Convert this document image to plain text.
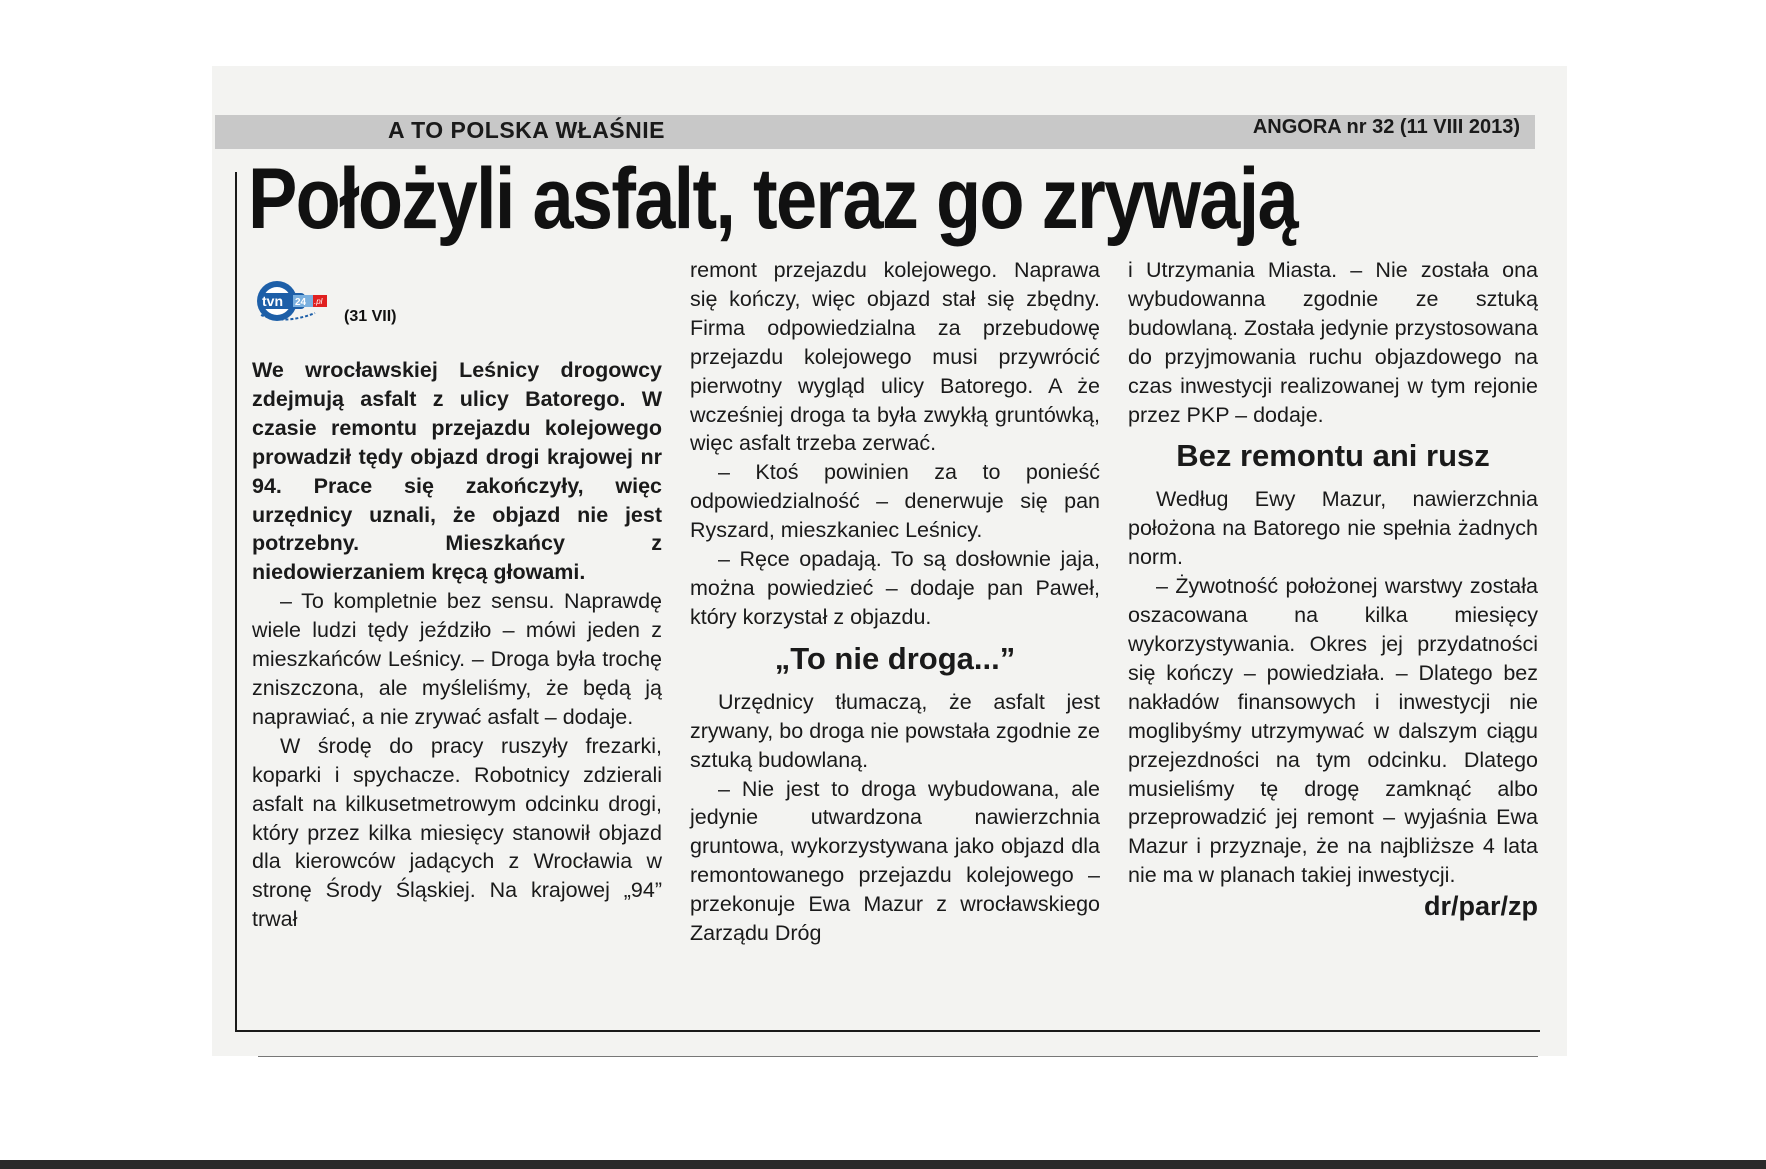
A TO POLSKA WŁAŚNIE	ANGORA nr 32 (11 VIII 2013)
Położyli asfalt, teraz go zrywają
tvn 24 .pl
(31 VII)

We wrocławskiej Leśnicy drogowcy zdejmują asfalt z ulicy Batorego. W czasie remontu przejazdu kolejowego prowadził tędy objazd drogi krajowej nr 94. Prace się zakończyły, więc urzędnicy uznali, że objazd nie jest potrzebny. Mieszkańcy z niedowierzaniem kręcą głowami.

– To kompletnie bez sensu. Naprawdę wiele ludzi tędy jeździło – mówi jeden z mieszkańców Leśnicy. – Droga była trochę zniszczona, ale myśleliśmy, że będą ją naprawiać, a nie zrywać asfalt – dodaje.

W środę do pracy ruszyły frezarki, koparki i spychacze. Robotnicy zdzierali asfalt na kilkusetmetrowym odcinku drogi, który przez kilka miesięcy stanowił objazd dla kierowców jadących z Wrocławia w stronę Środy Śląskiej. Na krajowej „94” trwał

remont przejazdu kolejowego. Naprawa się kończy, więc objazd stał się zbędny. Firma odpowiedzialna za przebudowę przejazdu kolejowego musi przywrócić pierwotny wygląd ulicy Batorego. A że wcześniej droga ta była zwykłą gruntówką, więc asfalt trzeba zerwać.

– Ktoś powinien za to ponieść odpowiedzialność – denerwuje się pan Ryszard, mieszkaniec Leśnicy.

– Ręce opadają. To są dosłownie jaja, można powiedzieć – dodaje pan Paweł, który korzystał z objazdu.

„To nie droga...”

Urzędnicy tłumaczą, że asfalt jest zrywany, bo droga nie powstała zgodnie ze sztuką budowlaną.

– Nie jest to droga wybudowana, ale jedynie utwardzona nawierzchnia gruntowa, wykorzystywana jako objazd dla remontowanego przejazdu kolejowego – przekonuje Ewa Mazur z wrocławskiego Zarządu Dróg

i Utrzymania Miasta. – Nie została ona wybudowanna zgodnie ze sztuką budowlaną. Została jedynie przystosowana do przyjmowania ruchu objazdowego na czas inwestycji realizowanej w tym rejonie przez PKP – dodaje.

Bez remontu ani rusz

Według Ewy Mazur, nawierzchnia położona na Batorego nie spełnia żadnych norm.

– Żywotność położonej warstwy została oszacowana na kilka miesięcy wykorzystywania. Okres jej przydatności się kończy – powiedziała. – Dlatego bez nakładów finansowych i inwestycji nie moglibyśmy utrzymywać w dalszym ciągu przejezdności na tym odcinku. Dlatego musieliśmy tę drogę zamknąć albo przeprowadzić jej remont – wyjaśnia Ewa Mazur i przyznaje, że na najbliższe 4 lata nie ma w planach takiej inwestycji.

dr/par/zp
